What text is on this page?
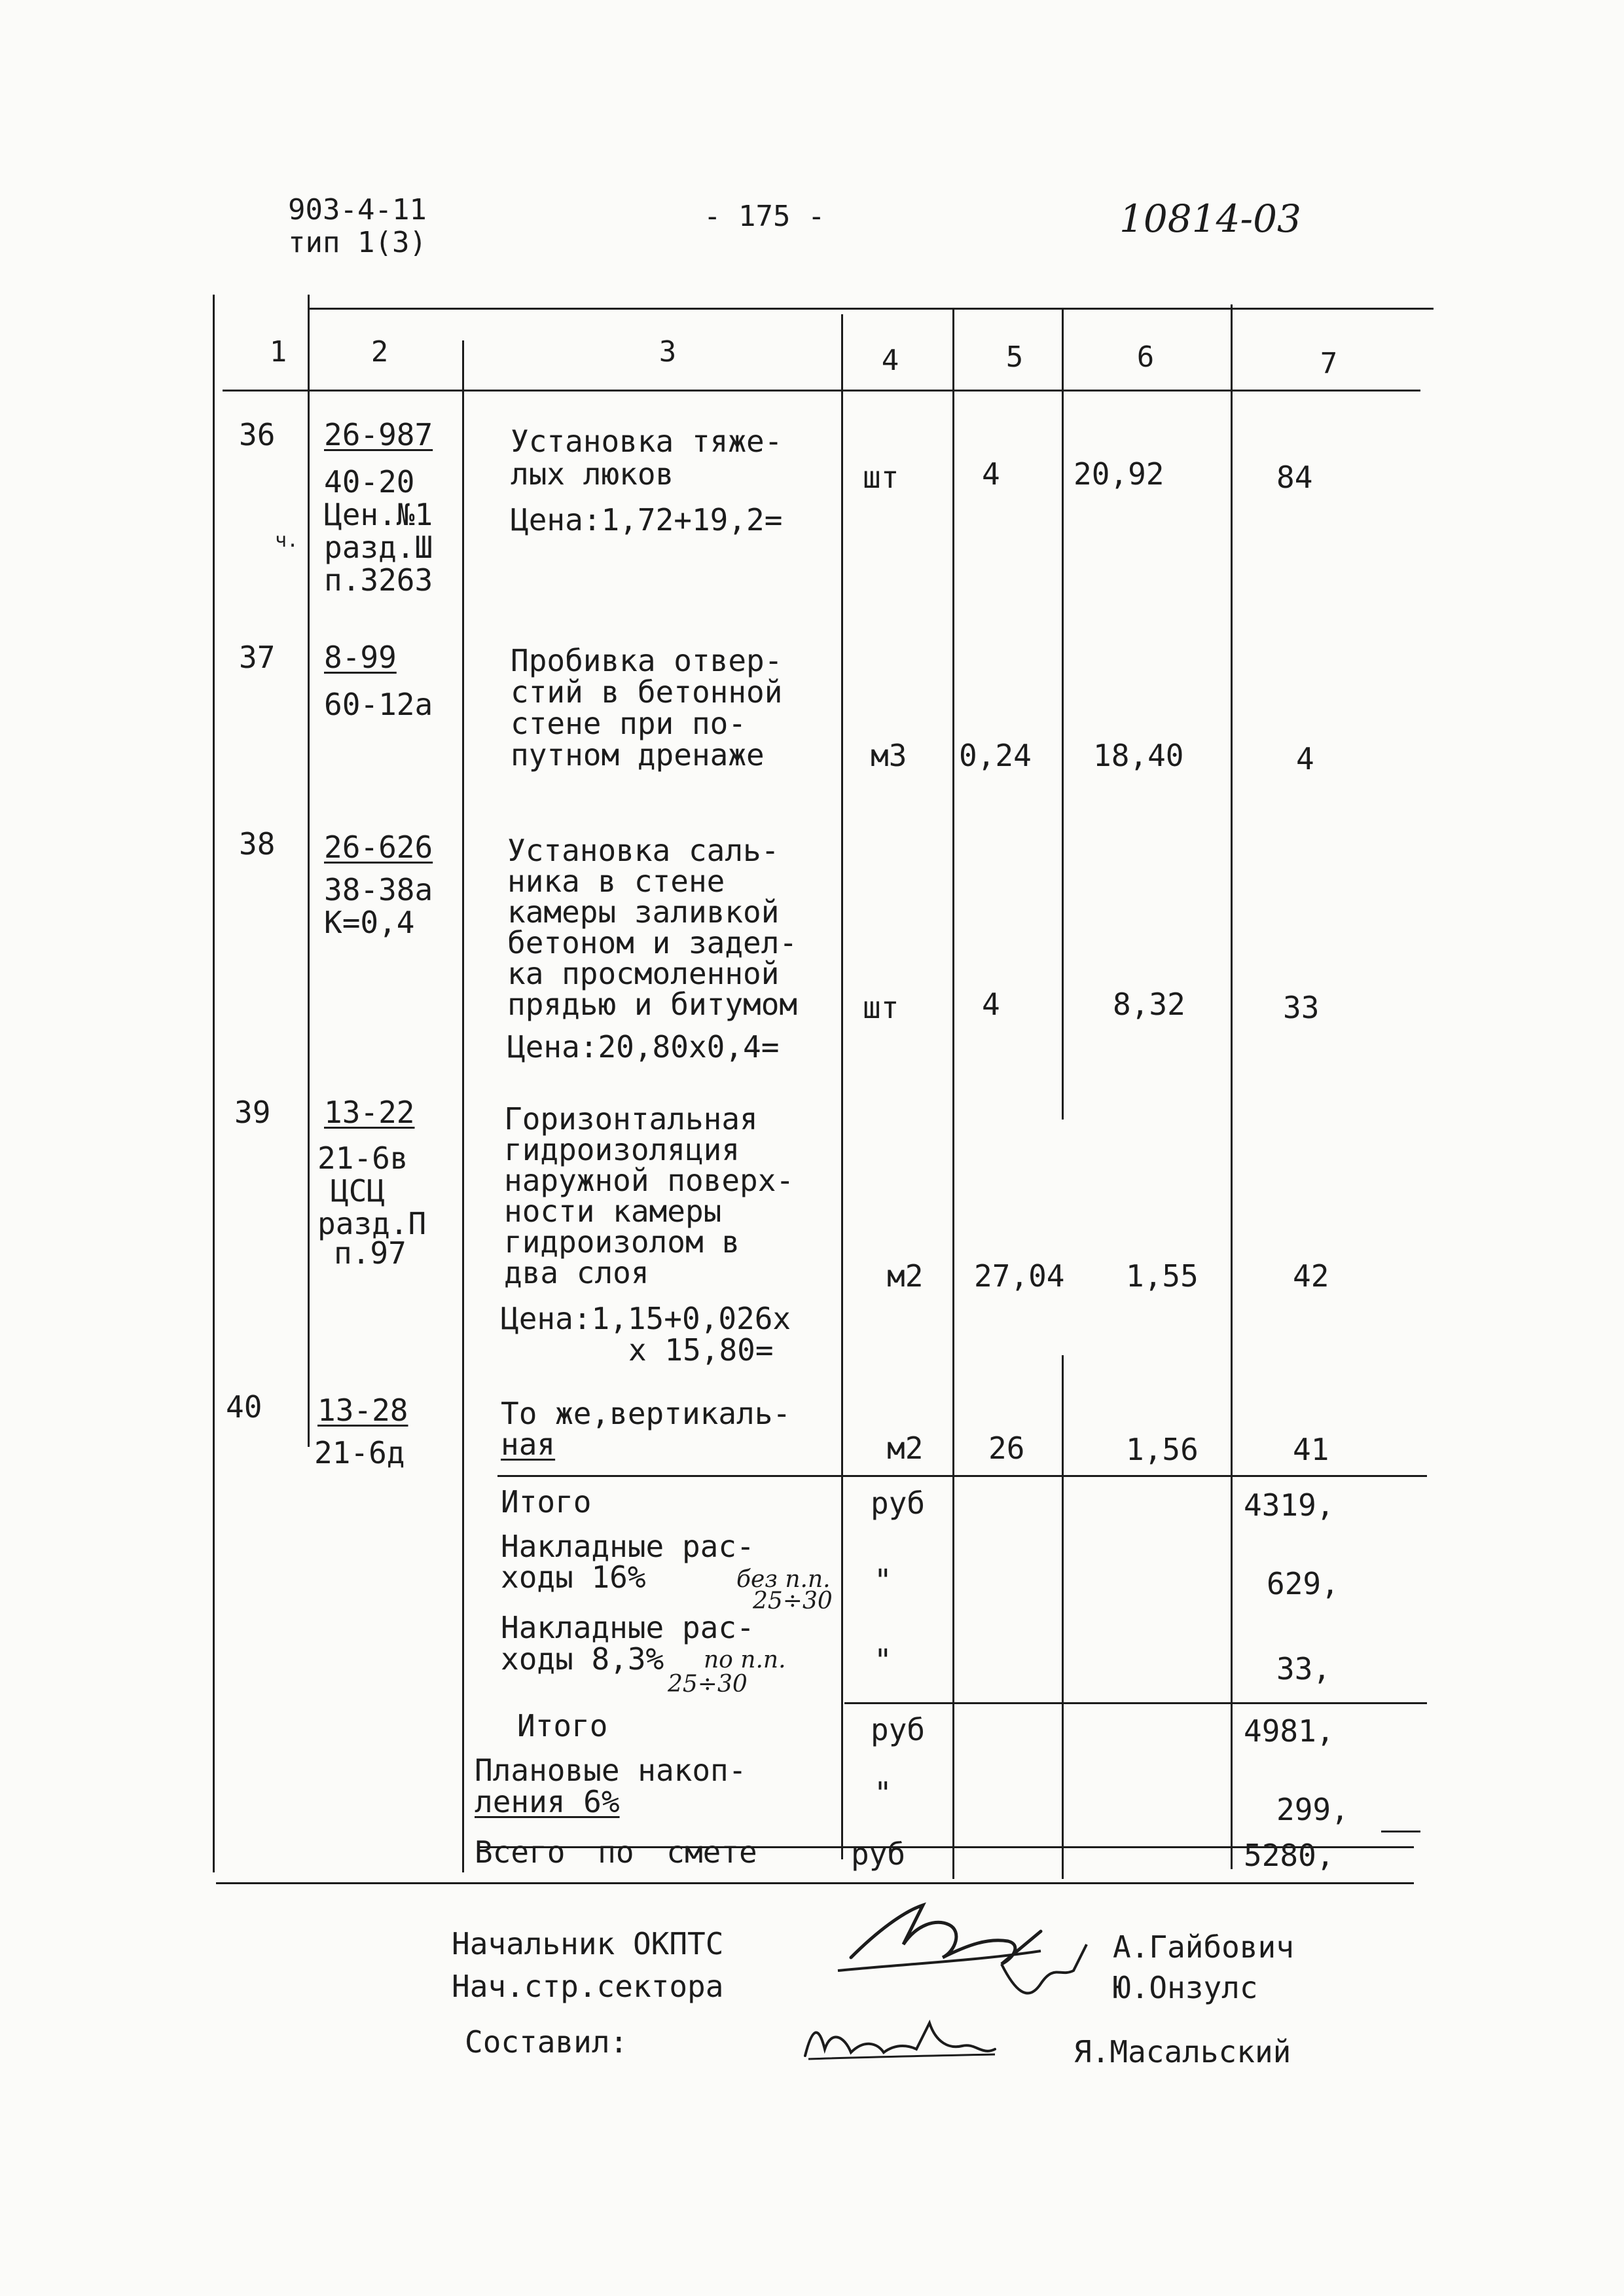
903-4-11
тип 1(3)
- 175 -	10814-03
1	2	3	4	5	6	7
36 26-987
40-20
Цен.№1
разд.Ш
п.3263
ч.
Установка тяже-
лых люков
Цена:1,72+19,2=
шт	4 20,92	84
37 8-99
60-12а
Пробивка отвер-
стий в бетонной
стене при по-
путном дренаже	м3 0,24 18,40	4
38 26-626
38-38а
К=0,4
Установка саль-
ника в стене
камеры заливкой
бетоном и задел-
ка просмоленной
прядью и битумом
Цена:20,80х0,4=
шт	4	8,32	33
39 13-22
21-6в
ЦСЦ
разд.П
п.97
Горизонтальная
гидроизоляция
наружной поверх-
ности камеры
гидроизолом в
два слоя
Цена:1,15+0,026х
х 15,80=
м2 27,04 1,55	42
40 13-28
21-6д
То же,вертикаль-
ная	м2 26	1,56	41
Итого	руб	4319,
Накладные рас-
ходы 16%	без п.п.
25÷30
"	629,
Накладные рас-
ходы 8,3% по п.п.
25÷30
"	33,
Итого	руб	4981,
Плановые накоп-
ления 6%	"	299,
Всего по смете	руб	5280,
Начальник ОКПТС	А.Гайбович
Нач.стр.сектора	Ю.Онзулс
Составил:	Я.Масальский
